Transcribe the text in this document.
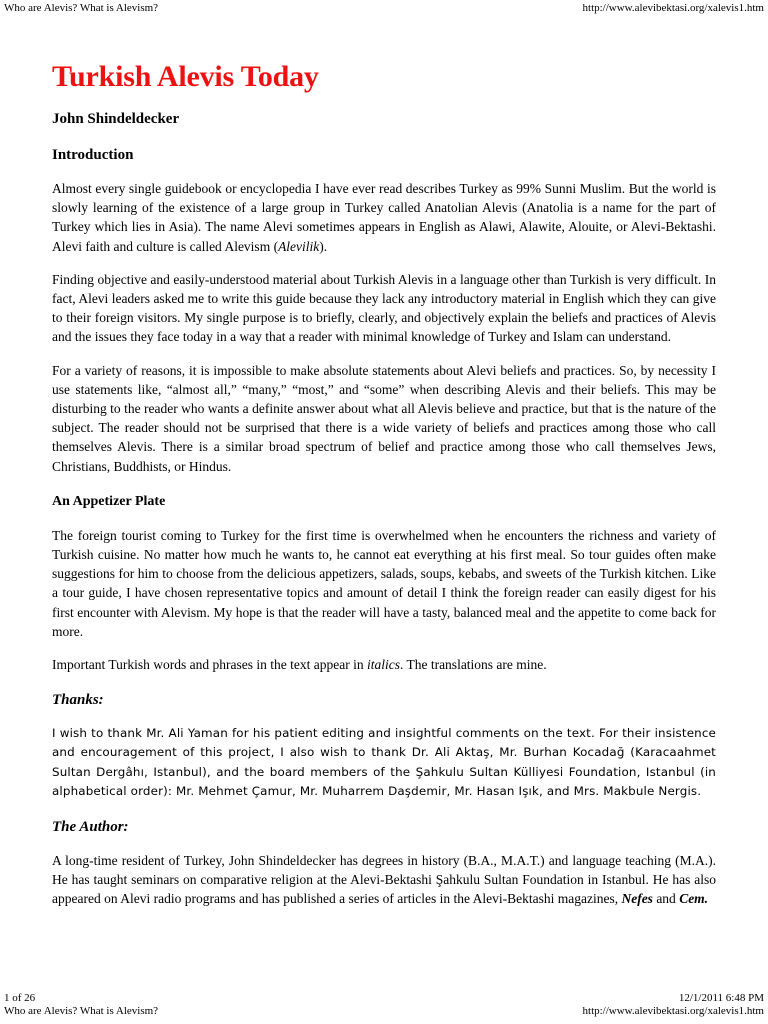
Who are Alevis? What is Alevism?	http://www.alevibektasi.org/xalevis1.htm
Turkish Alevis Today
John Shindeldecker
Introduction

Almost every single guidebook or encyclopedia I have ever read describes Turkey as 99% Sunni Muslim. But the world is slowly learning of the existence of a large group in Turkey called Anatolian Alevis (Anatolia is a name for the part of Turkey which lies in Asia). The name Alevi sometimes appears in English as Alawi, Alawite, Alouite, or Alevi-Bektashi. Alevi faith and culture is called Alevism (Alevilik).

Finding objective and easily-understood material about Turkish Alevis in a language other than Turkish is very difficult. In fact, Alevi leaders asked me to write this guide because they lack any introductory material in English which they can give to their foreign visitors. My single purpose is to briefly, clearly, and objectively explain the beliefs and practices of Alevis and the issues they face today in a way that a reader with minimal knowledge of Turkey and Islam can understand.

For a variety of reasons, it is impossible to make absolute statements about Alevi beliefs and practices. So, by necessity I use statements like, “almost all,” “many,” “most,” and “some” when describing Alevis and their beliefs. This may be disturbing to the reader who wants a definite answer about what all Alevis believe and practice, but that is the nature of the subject. The reader should not be surprised that there is a wide variety of beliefs and practices among those who call themselves Alevis. There is a similar broad spectrum of belief and practice among those who call themselves Jews, Christians, Buddhists, or Hindus.

An Appetizer Plate

The foreign tourist coming to Turkey for the first time is overwhelmed when he encounters the richness and variety of Turkish cuisine. No matter how much he wants to, he cannot eat everything at his first meal. So tour guides often make suggestions for him to choose from the delicious appetizers, salads, soups, kebabs, and sweets of the Turkish kitchen. Like a tour guide, I have chosen representative topics and amount of detail I think the foreign reader can easily digest for his first encounter with Alevism. My hope is that the reader will have a tasty, balanced meal and the appetite to come back for more.

Important Turkish words and phrases in the text appear in italics. The translations are mine.

Thanks:

I wish to thank Mr. Ali Yaman for his patient editing and insightful comments on the text. For their insistence and encouragement of this project, I also wish to thank Dr. Ali Aktaş, Mr. Burhan Kocadağ (Karacaahmet Sultan Dergâhı, Istanbul), and the board members of the Şahkulu Sultan Külliyesi Foundation, Istanbul (in alphabetical order): Mr. Mehmet Çamur, Mr. Muharrem Daşdemir, Mr. Hasan Işık, and Mrs. Makbule Nergis.

The Author:

A long-time resident of Turkey, John Shindeldecker has degrees in history (B.A., M.A.T.) and language teaching (M.A.). He has taught seminars on comparative religion at the Alevi-Bektashi Şahkulu Sultan Foundation in Istanbul. He has also appeared on Alevi radio programs and has published a series of articles in the Alevi-Bektashi magazines, Nefes and Cem.

1 of 26	12/1/2011 6:48 PM
Who are Alevis? What is Alevism?	http://www.alevibektasi.org/xalevis1.htm
